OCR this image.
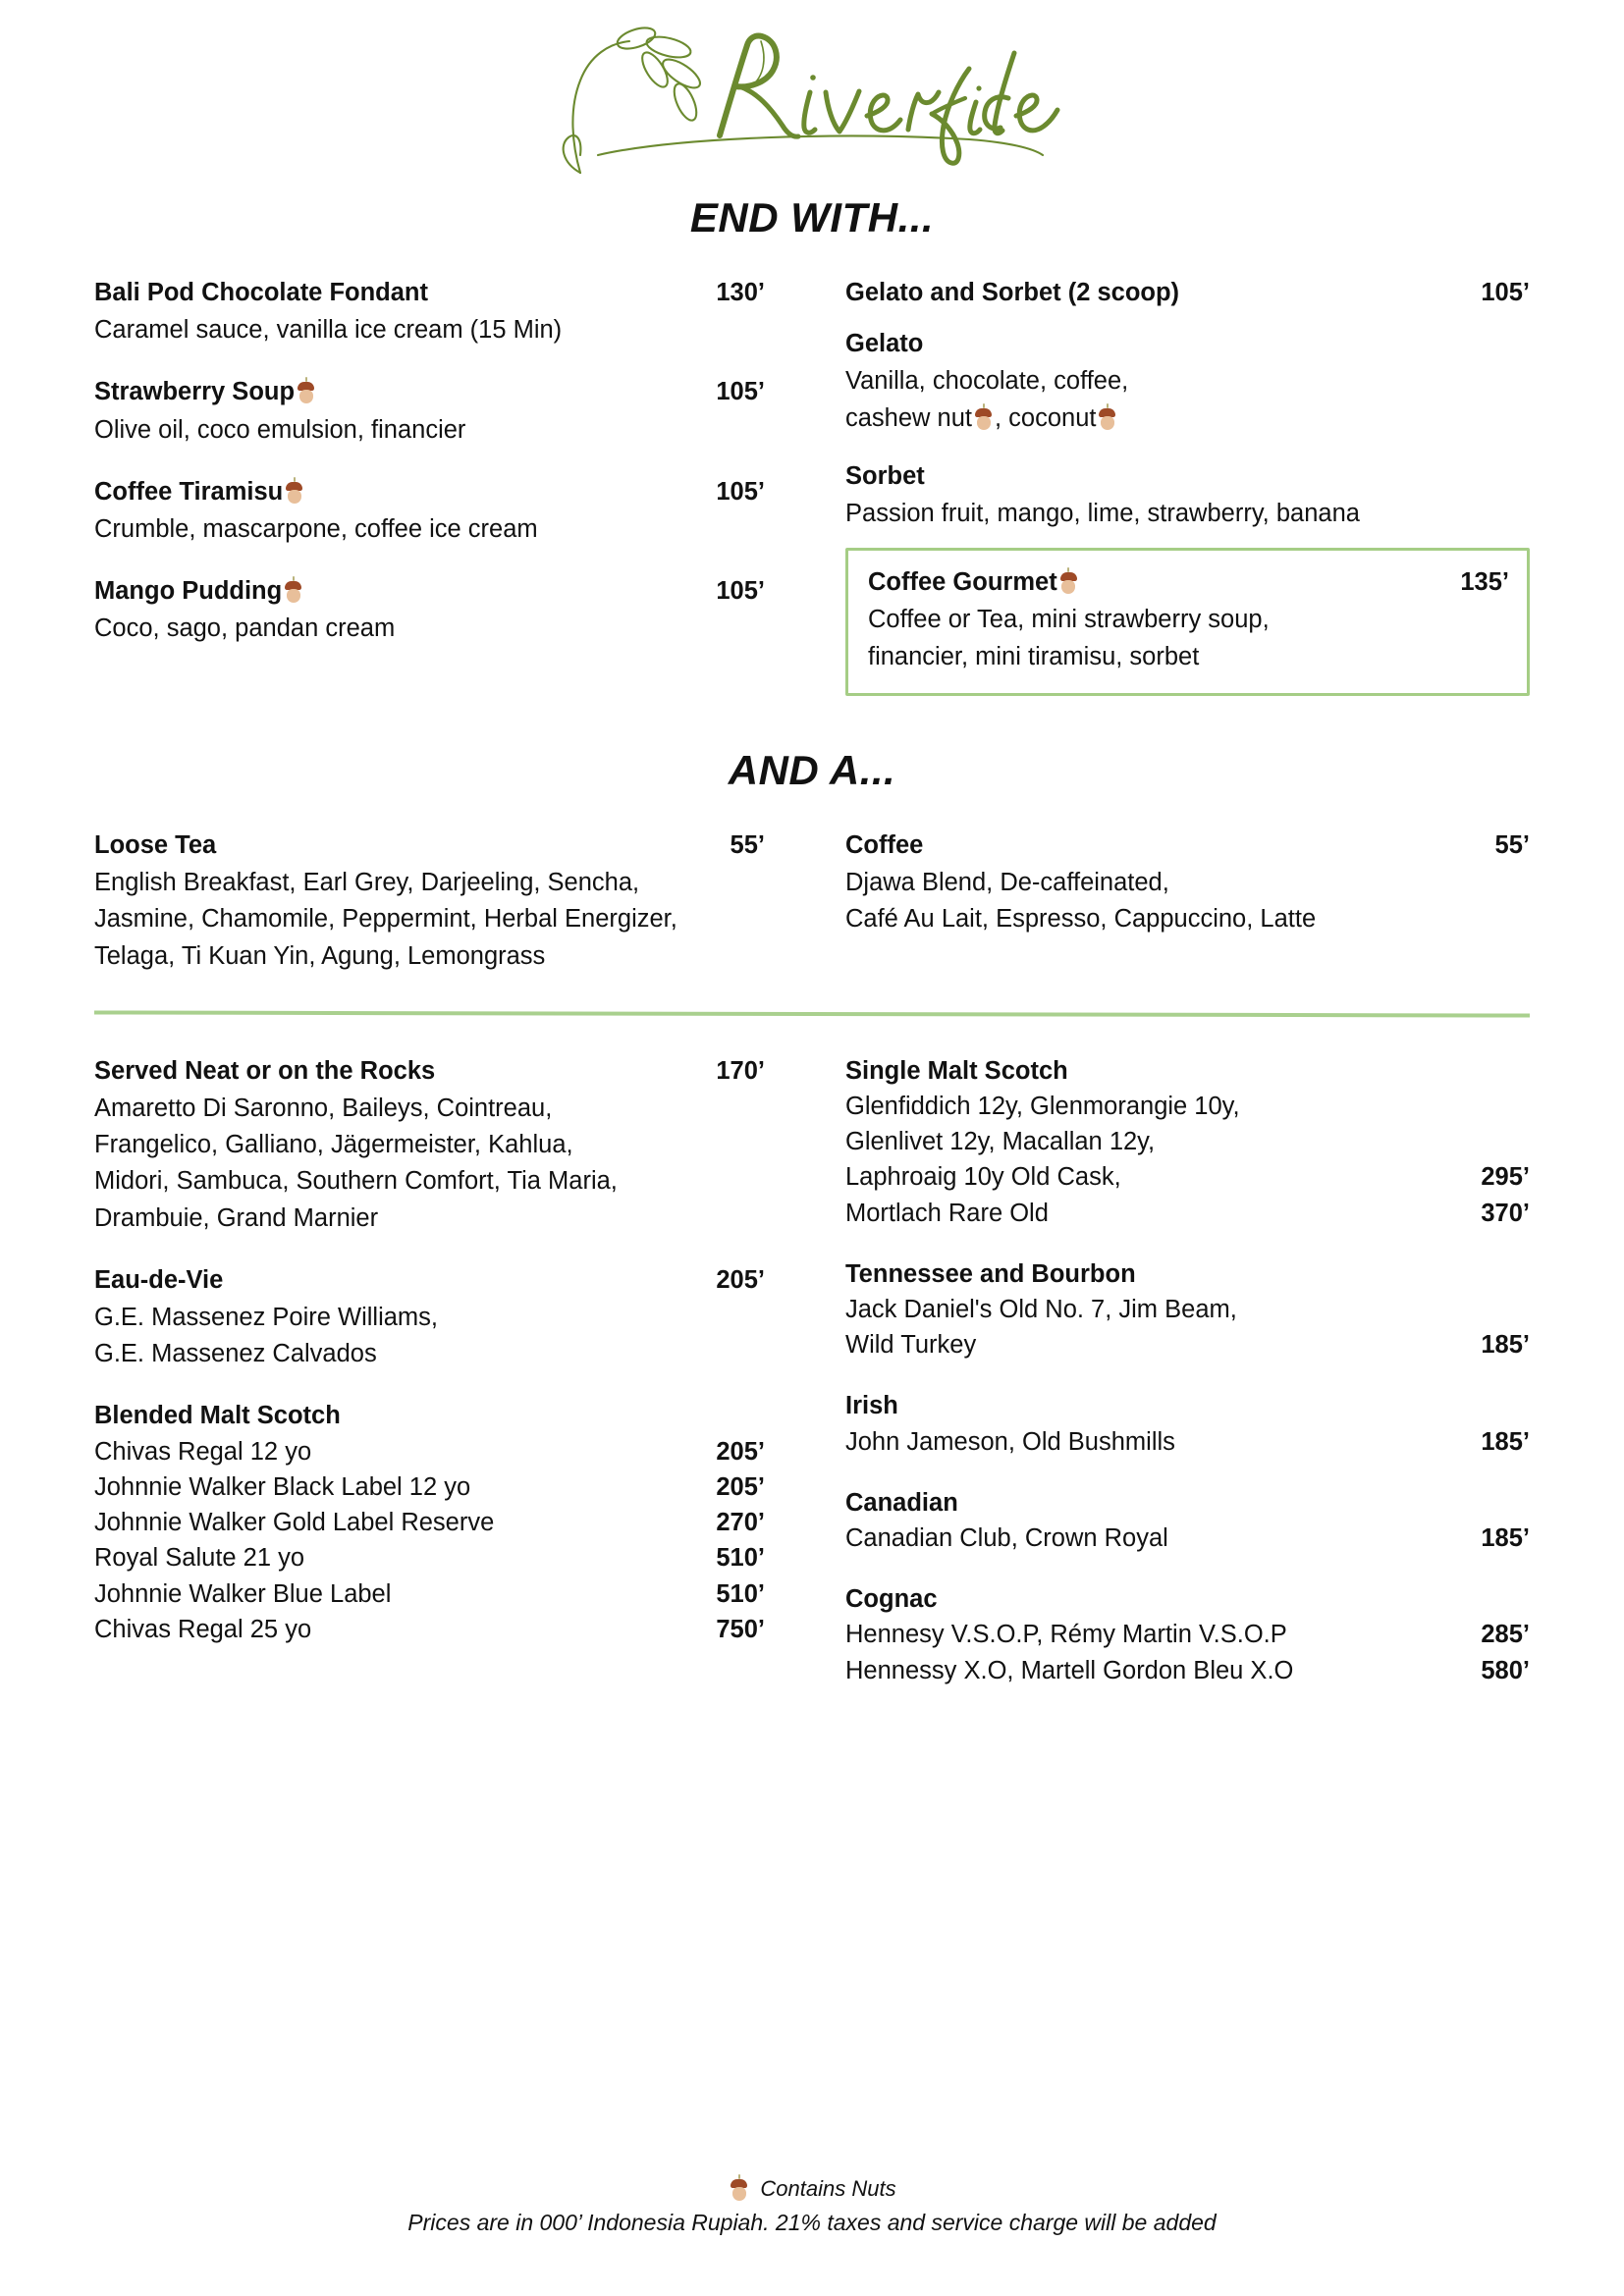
END WITH...
Bali Pod Chocolate Fondant	130’
Caramel sauce, vanilla ice cream (15 Min)
Strawberry Soup	105’
Olive oil, coco emulsion, financier
Coffee Tiramisu	105’
Crumble, mascarpone, coffee ice cream
Mango Pudding	105’
Coco, sago, pandan cream
Gelato and Sorbet (2 scoop)	105’
Gelato
Vanilla, chocolate, coffee,
cashew nut , coconut
Sorbet
Passion fruit, mango, lime, strawberry, banana
Coffee Gourmet	135’
Coffee or Tea, mini strawberry soup,
financier, mini tiramisu, sorbet
AND A...
Loose Tea	55’
English Breakfast, Earl Grey, Darjeeling, Sencha,
Jasmine, Chamomile, Peppermint, Herbal Energizer,
Telaga, Ti Kuan Yin, Agung, Lemongrass
Coffee	55’
Djawa Blend, De-caffeinated,
Café Au Lait, Espresso, Cappuccino, Latte
Served Neat or on the Rocks	170’
Amaretto Di Saronno, Baileys, Cointreau,
Frangelico, Galliano, Jägermeister, Kahlua,
Midori, Sambuca, Southern Comfort, Tia Maria,
Drambuie, Grand Marnier
Eau-de-Vie	205’
G.E. Massenez Poire Williams,
G.E. Massenez Calvados
Blended Malt Scotch
Chivas Regal 12 yo	205’
Johnnie Walker Black Label 12 yo	205’
Johnnie Walker Gold Label Reserve	270’
Royal Salute 21 yo	510’
Johnnie Walker Blue Label	510’
Chivas Regal 25 yo	750’
Single Malt Scotch
Glenfiddich 12y, Glenmorangie 10y,
Glenlivet 12y, Macallan 12y,
Laphroaig 10y Old Cask,	295’
Mortlach Rare Old	370’
Tennessee and Bourbon
Jack Daniel's Old No. 7, Jim Beam,
Wild Turkey	185’
Irish
John Jameson, Old Bushmills	185’
Canadian
Canadian Club, Crown Royal	185’
Cognac
Hennesy V.S.O.P, Rémy Martin V.S.O.P	285’
Hennessy X.O, Martell Gordon Bleu X.O	580’
Contains Nuts
Prices are in 000’ Indonesia Rupiah. 21% taxes and service charge will be added
